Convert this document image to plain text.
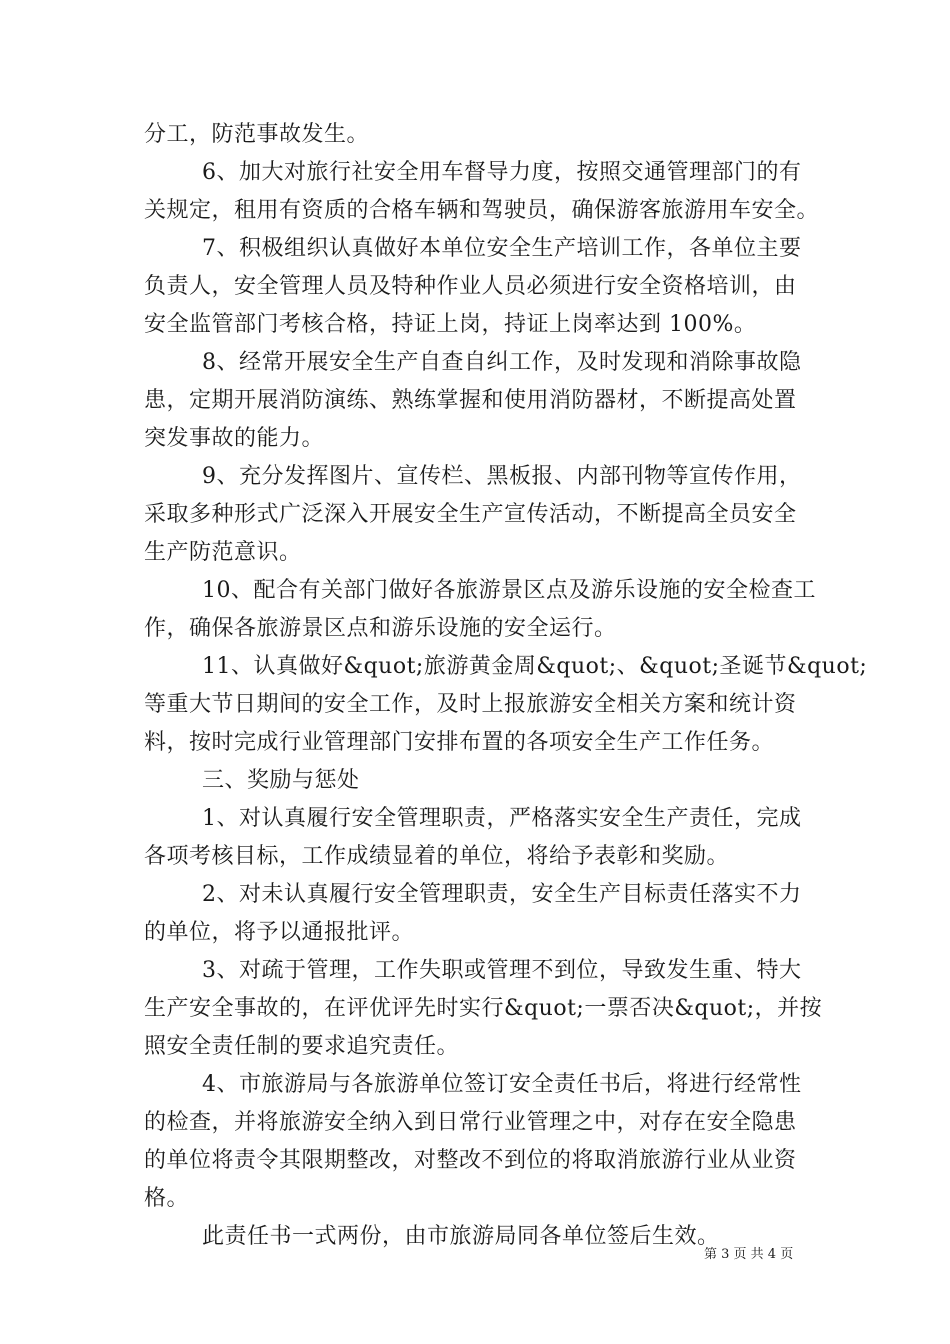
分工，防范事故发生。
6、加大对旅行社安全用车督导力度，按照交通管理部门的有
关规定，租用有资质的合格车辆和驾驶员，确保游客旅游用车安全。
7、积极组织认真做好本单位安全生产培训工作，各单位主要
负责人，安全管理人员及特种作业人员必须进行安全资格培训，由
安全监管部门考核合格，持证上岗，持证上岗率达到 100%。
8、经常开展安全生产自查自纠工作，及时发现和消除事故隐
患，定期开展消防演练、熟练掌握和使用消防器材，不断提高处置
突发事故的能力。
9、充分发挥图片、宣传栏、黑板报、内部刊物等宣传作用，
采取多种形式广泛深入开展安全生产宣传活动，不断提高全员安全
生产防范意识。
10、配合有关部门做好各旅游景区点及游乐设施的安全检查工
作，确保各旅游景区点和游乐设施的安全运行。
11、认真做好&quot;旅游黄金周&quot;、&quot;圣诞节&quot;
等重大节日期间的安全工作，及时上报旅游安全相关方案和统计资
料，按时完成行业管理部门安排布置的各项安全生产工作任务。
三、奖励与惩处
1、对认真履行安全管理职责，严格落实安全生产责任，完成
各项考核目标，工作成绩显着的单位，将给予表彰和奖励。
2、对未认真履行安全管理职责，安全生产目标责任落实不力
的单位，将予以通报批评。
3、对疏于管理，工作失职或管理不到位，导致发生重、特大
生产安全事故的，在评优评先时实行&quot;一票否决&quot;，并按
照安全责任制的要求追究责任。
4、市旅游局与各旅游单位签订安全责任书后，将进行经常性
的检查，并将旅游安全纳入到日常行业管理之中，对存在安全隐患
的单位将责令其限期整改，对整改不到位的将取消旅游行业从业资
格。
此责任书一式两份，由市旅游局同各单位签后生效。
第 3 页 共 4 页
